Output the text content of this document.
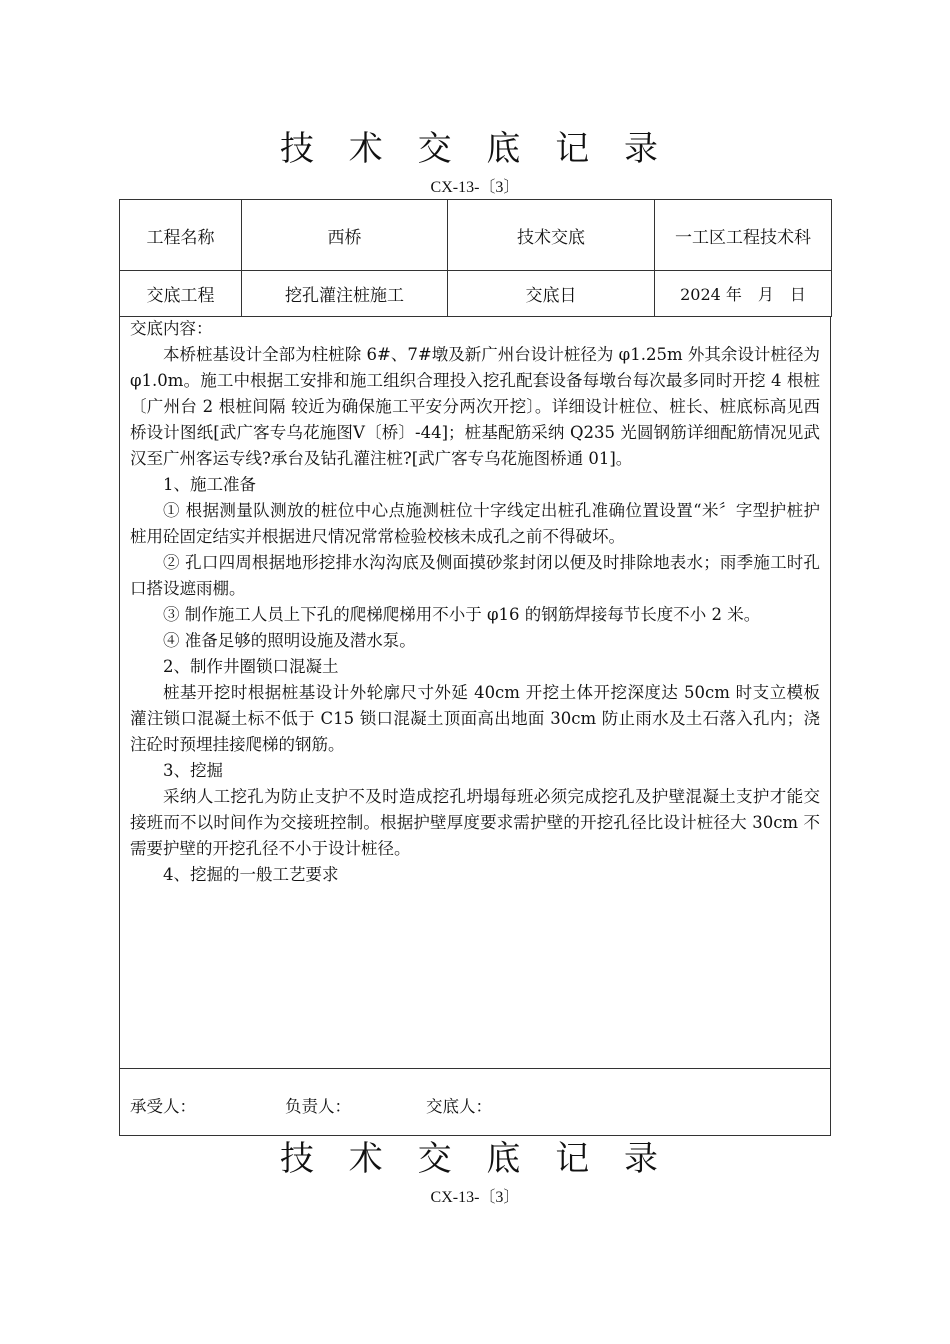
技 术 交 底 记 录
CX-13-〔3〕
工程名称	西桥	技术交底	一工区工程技术科
交底工程	挖孔灌注桩施工	交底日	2024 年　月　日

交底内容：

本桥桩基设计全部为柱桩除 6#、7#墩及新广州台设计桩径为 φ1.25m 外其余设计桩径为 φ1.0m。施工中根据工安排和施工组织合理投入挖孔配套设备每墩台每次最多同时开挖 4 根桩〔广州台 2 根桩间隔 较近为确保施工平安分两次开挖〕。详细设计桩位、桩长、桩底标高见西桥设计图纸[武广客专乌花施图Ⅴ〔桥〕-44]；桩基配筋采纳 Q235 光圆钢筋详细配筋情况见武汉至广州客运专线?承台及钻孔灌注桩?[武广客专乌花施图桥通 01]。

1、施工准备

① 根据测量队测放的桩位中心点施测桩位十字线定出桩孔准确位置设置“米〞字型护桩护桩用砼固定结实并根据进尺情况常常检验校核未成孔之前不得破坏。

② 孔口四周根据地形挖排水沟沟底及侧面摸砂浆封闭以便及时排除地表水；雨季施工时孔口搭设遮雨棚。

③ 制作施工人员上下孔的爬梯爬梯用不小于 φ16 的钢筋焊接每节长度不小 2 米。

④ 准备足够的照明设施及潜水泵。

2、制作井圈锁口混凝土

桩基开挖时根据桩基设计外轮廓尺寸外延 40cm 开挖土体开挖深度达 50cm 时支立模板灌注锁口混凝土标不低于 C15 锁口混凝土顶面高出地面 30cm 防止雨水及土石落入孔内；浇注砼时预埋挂接爬梯的钢筋。

3、挖掘

采纳人工挖孔为防止支护不及时造成挖孔坍塌每班必须完成挖孔及护壁混凝土支护才能交接班而不以时间作为交接班控制。根据护壁厚度要求需护壁的开挖孔径比设计桩径大 30cm 不需要护壁的开挖孔径不小于设计桩径。

4、挖掘的一般工艺要求

承受人：	负责人：	交底人：
技 术 交 底 记 录
CX-13-〔3〕
